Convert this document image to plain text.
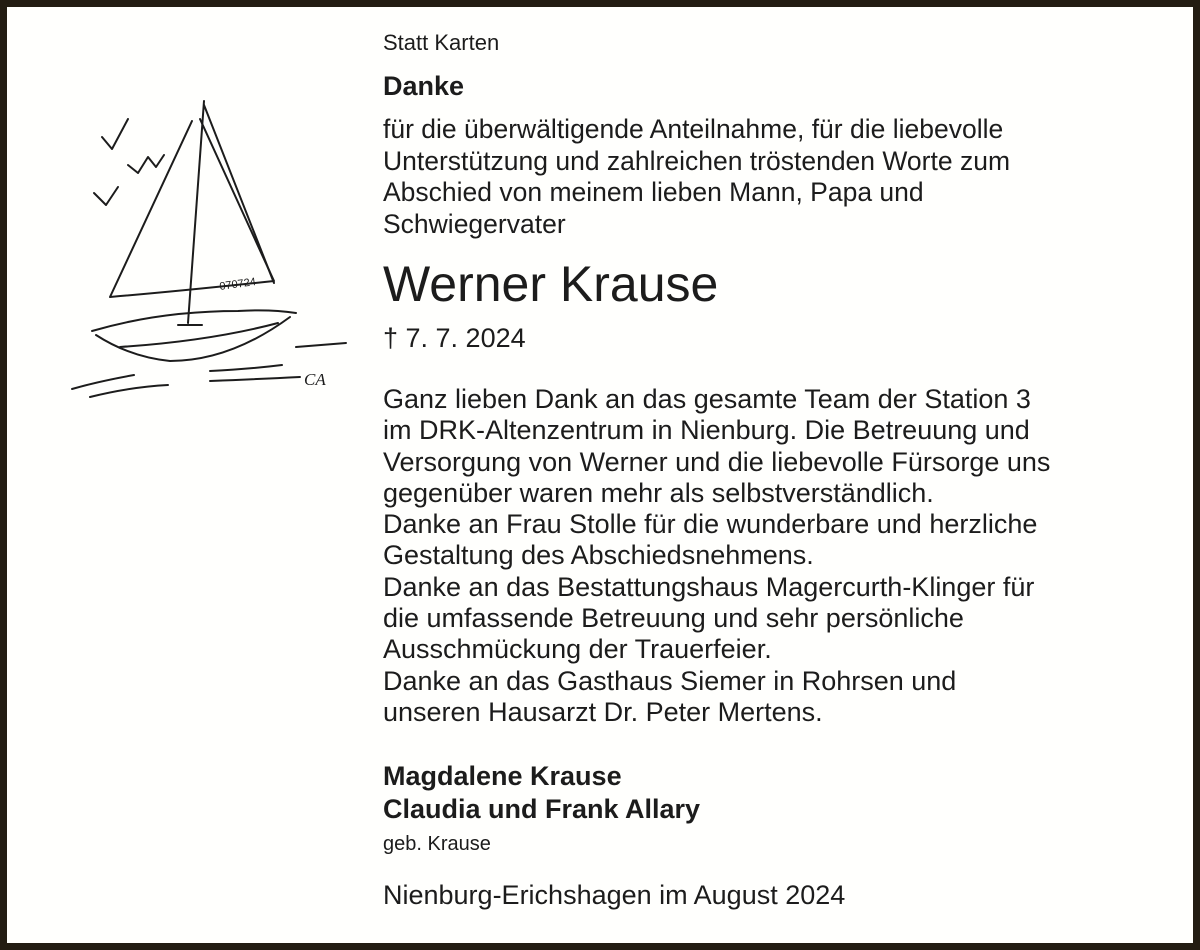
070724
CA
Statt Karten
Danke
für die überwältigende Anteilnahme, für die liebevolle
Unterstützung und zahlreichen tröstenden Worte zum
Abschied von meinem lieben Mann, Papa und
Schwiegervater
Werner Krause
† 7. 7. 2024
Ganz lieben Dank an das gesamte Team der Station 3
im DRK-Altenzentrum in Nienburg. Die Betreuung und
Versorgung von Werner und die liebevolle Fürsorge uns
gegenüber waren mehr als selbstverständlich.
Danke an Frau Stolle für die wunderbare und herzliche
Gestaltung des Abschiedsnehmens.
Danke an das Bestattungshaus Magercurth-Klinger für
die umfassende Betreuung und sehr persönliche
Ausschmückung der Trauerfeier.
Danke an das Gasthaus Siemer in Rohrsen und
unseren Hausarzt Dr. Peter Mertens.
Magdalene Krause
Claudia und Frank Allary
geb. Krause
Nienburg-Erichshagen im August 2024
